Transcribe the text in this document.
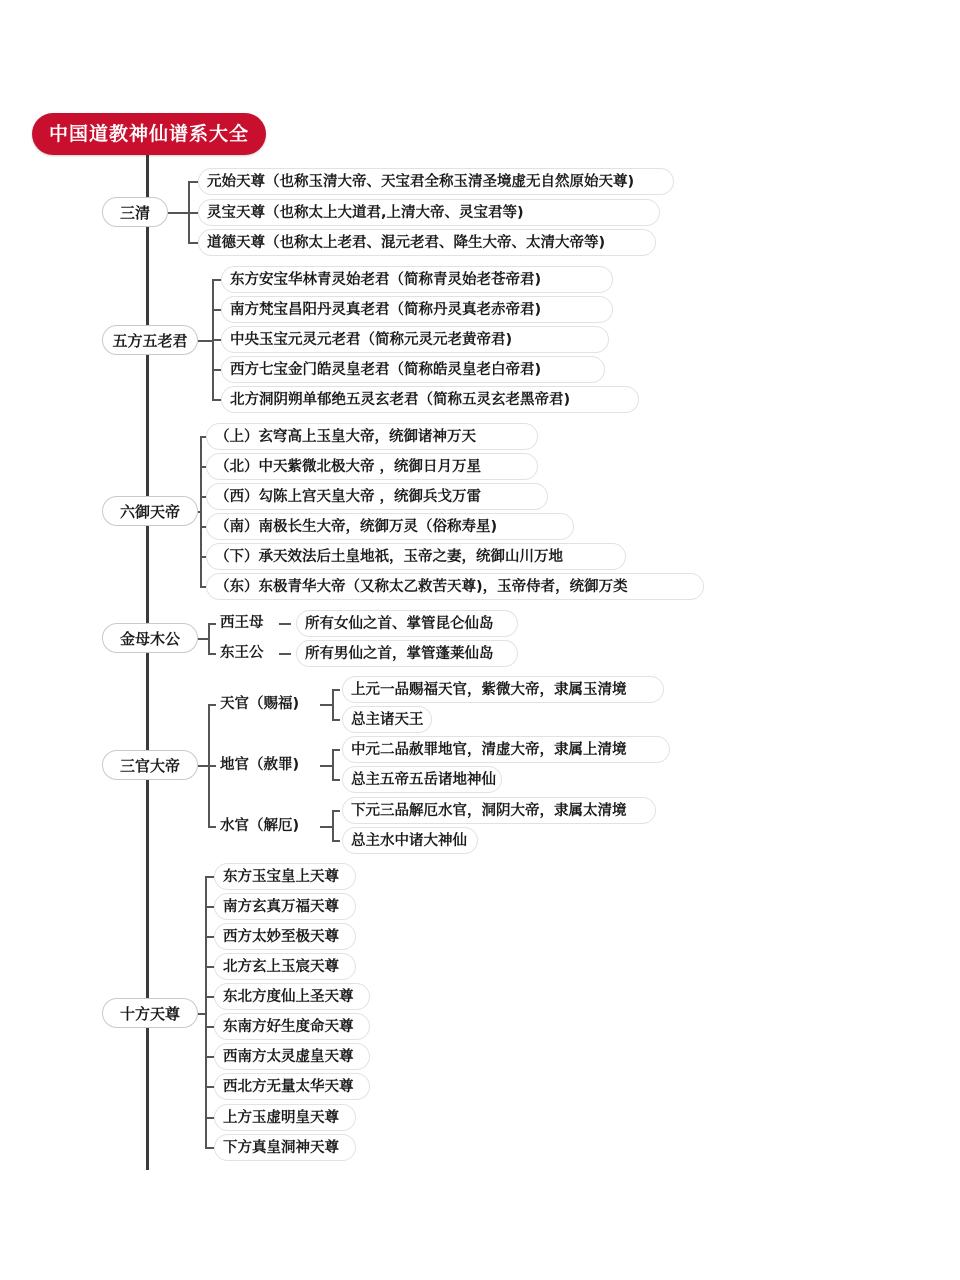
中国道教神仙谱系大全
三清
元始天尊（也称玉清大帝、天宝君全称玉清圣境虚无自然原始天尊)
灵宝天尊（也称太上大道君,上清大帝、灵宝君等)
道德天尊（也称太上老君、混元老君、降生大帝、太清大帝等)
五方五老君
东方安宝华林青灵始老君（简称青灵始老苍帝君)
南方梵宝昌阳丹灵真老君（简称丹灵真老赤帝君)
中央玉宝元灵元老君（简称元灵元老黄帝君)
西方七宝金门皓灵皇老君（简称皓灵皇老白帝君)
北方洞阴朔单郁绝五灵玄老君（简称五灵玄老黑帝君)
六御天帝
（上）玄穹高上玉皇大帝，统御诸神万天
（北）中天紫微北极大帝 ，统御日月万星
（西）勾陈上宫天皇大帝 ，统御兵戈万雷
（南）南极长生大帝，统御万灵（俗称寿星)
（下）承天效法后土皇地祇，玉帝之妻，统御山川万地
（东）东极青华大帝（又称太乙救苦天尊)，玉帝侍者，统御万类
金母木公
西王母	所有女仙之首、掌管昆仑仙岛
东王公	所有男仙之首，掌管蓬莱仙岛
三官大帝
天官（赐福)
上元一品赐福天官，紫微大帝，隶属玉清境
总主诸天王
地官（赦罪)
中元二品赦罪地官，清虚大帝，隶属上清境
总主五帝五岳诸地神仙
水官（解厄)
下元三品解厄水官，洞阴大帝，隶属太清境
总主水中诸大神仙
十方天尊
东方玉宝皇上天尊
南方玄真万福天尊
西方太妙至极天尊
北方玄上玉宸天尊
东北方度仙上圣天尊
东南方好生度命天尊
西南方太灵虚皇天尊
西北方无量太华天尊
上方玉虚明皇天尊
下方真皇洞神天尊
